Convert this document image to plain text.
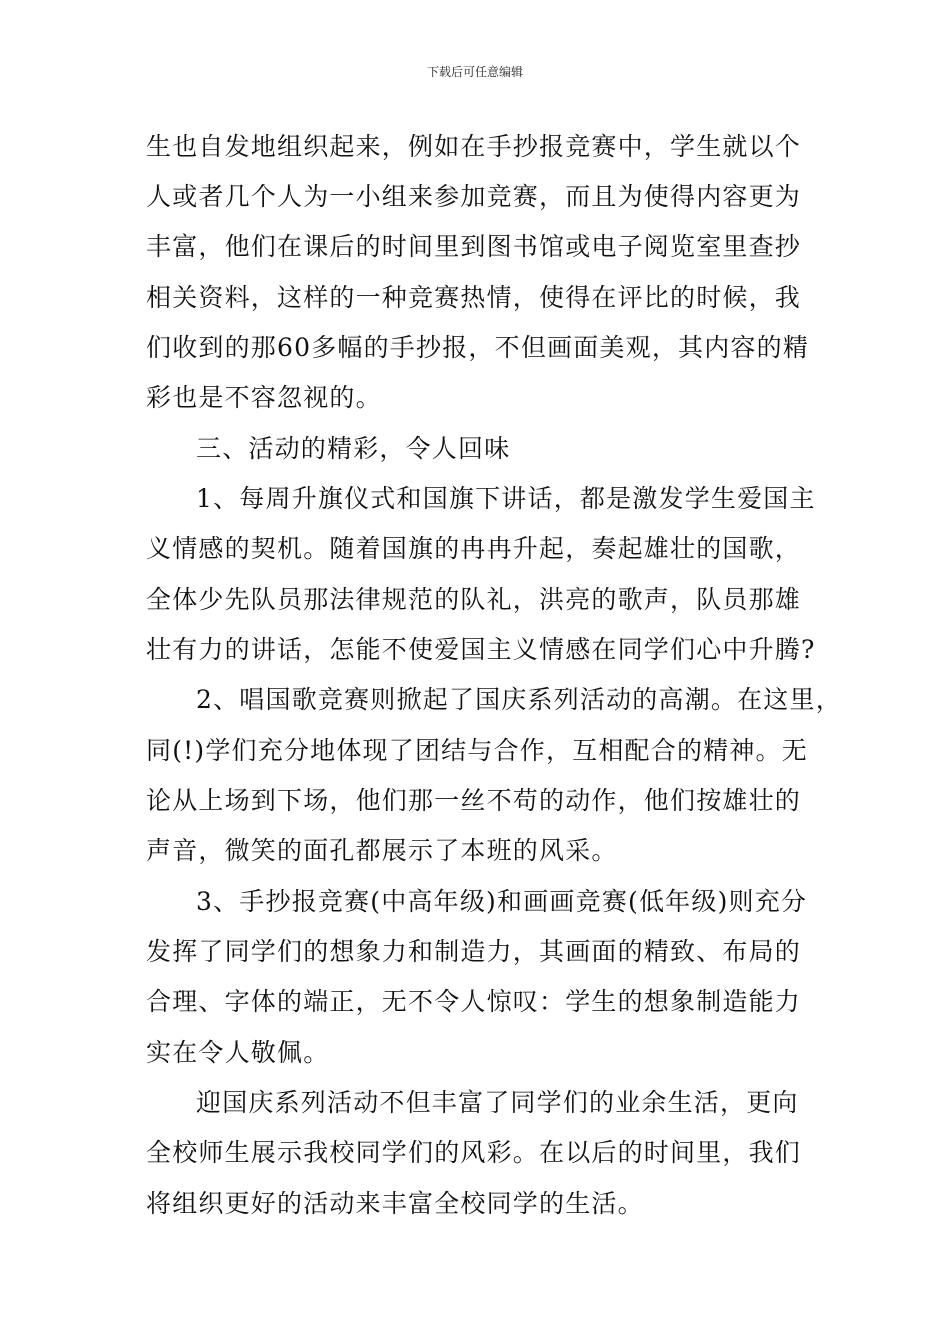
下载后可任意编辑
生也自发地组织起来，例如在手抄报竞赛中，学生就以个
人或者几个人为一小组来参加竞赛，而且为使得内容更为
丰富，他们在课后的时间里到图书馆或电子阅览室里查抄
相关资料，这样的一种竞赛热情，使得在评比的时候，我
们收到的那60多幅的手抄报，不但画面美观，其内容的精
彩也是不容忽视的。
三、活动的精彩，令人回味
1、每周升旗仪式和国旗下讲话，都是激发学生爱国主
义情感的契机。随着国旗的冉冉升起，奏起雄壮的国歌，
全体少先队员那法律规范的队礼，洪亮的歌声，队员那雄
壮有力的讲话，怎能不使爱国主义情感在同学们心中升腾?
2、唱国歌竞赛则掀起了国庆系列活动的高潮。在这里，
同(!)学们充分地体现了团结与合作，互相配合的精神。无
论从上场到下场，他们那一丝不苟的动作，他们按雄壮的
声音，微笑的面孔都展示了本班的风采。
3、手抄报竞赛(中高年级)和画画竞赛(低年级)则充分
发挥了同学们的想象力和制造力，其画面的精致、布局的
合理、字体的端正，无不令人惊叹：学生的想象制造能力
实在令人敬佩。
迎国庆系列活动不但丰富了同学们的业余生活，更向
全校师生展示我校同学们的风彩。在以后的时间里，我们
将组织更好的活动来丰富全校同学的生活。
